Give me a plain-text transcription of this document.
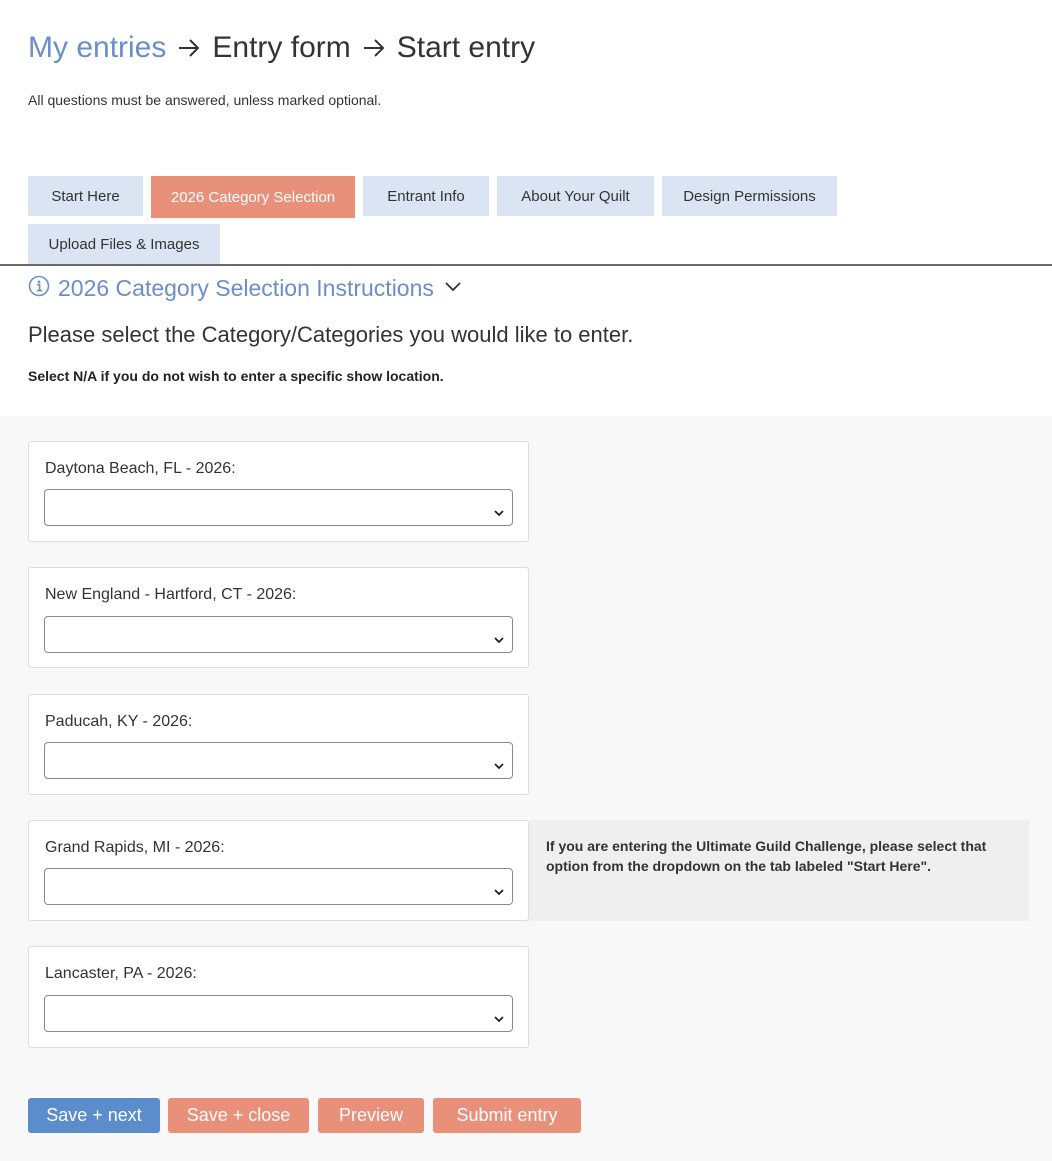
My entries Entry form Start entry
All questions must be answered, unless marked optional.
Start Here	2026 Category Selection	Entrant Info	About Your Quilt	Design Permissions
Upload Files & Images
2026 Category Selection Instructions
Please select the Category/Categories you would like to enter.
Select N/A if you do not wish to enter a specific show location.
Daytona Beach, FL - 2026:
New England - Hartford, CT - 2026:
Paducah, KY - 2026:
Grand Rapids, MI - 2026:	If you are entering the Ultimate Guild Challenge, please select that option from the dropdown on the tab labeled "Start Here".
Lancaster, PA - 2026:
Save + next	Save + close	Preview	Submit entry
